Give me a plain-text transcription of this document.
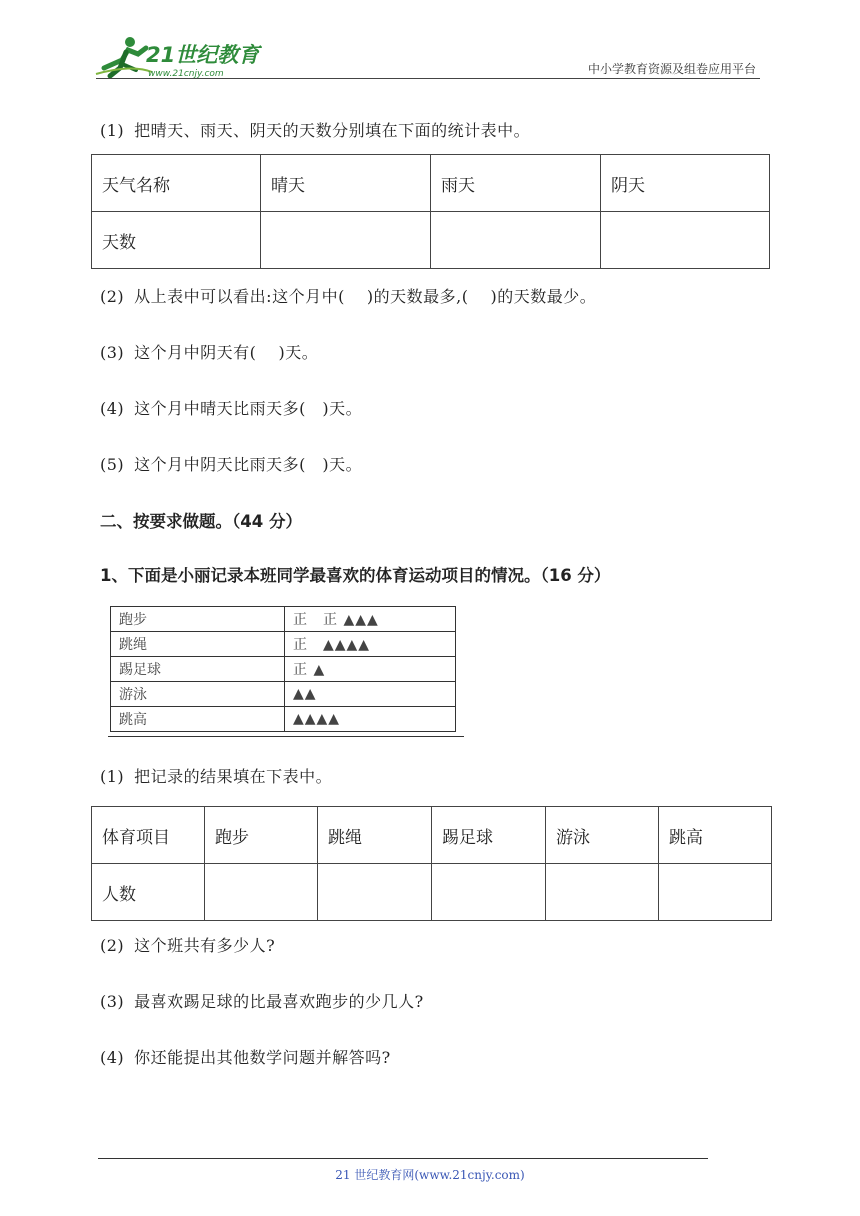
21世纪教育
www.21cnjy.com	中小学教育资源及组卷应用平台
(1) 把晴天、雨天、阴天的天数分别填在下面的统计表中。
天气名称	晴天	雨天	阴天
天数			
(2) 从上表中可以看出:这个月中(　 )的天数最多,(　 )的天数最少。
(3) 这个月中阴天有(　 )天。
(4) 这个月中晴天比雨天多(　)天。
(5) 这个月中阴天比雨天多(　)天。
二、按要求做题。（44 分）
1、下面是小丽记录本班同学最喜欢的体育运动项目的情况。（16 分）
跑步	正　正 ▲▲▲
跳绳	正　▲▲▲▲
踢足球	正 ▲
游泳	▲▲
跳高	▲▲▲▲
(1) 把记录的结果填在下表中。
体育项目	跑步	跳绳	踢足球	游泳	跳高
人数					
(2) 这个班共有多少人?
(3) 最喜欢踢足球的比最喜欢跑步的少几人?
(4) 你还能提出其他数学问题并解答吗?
21 世纪教育网(www.21cnjy.com)
